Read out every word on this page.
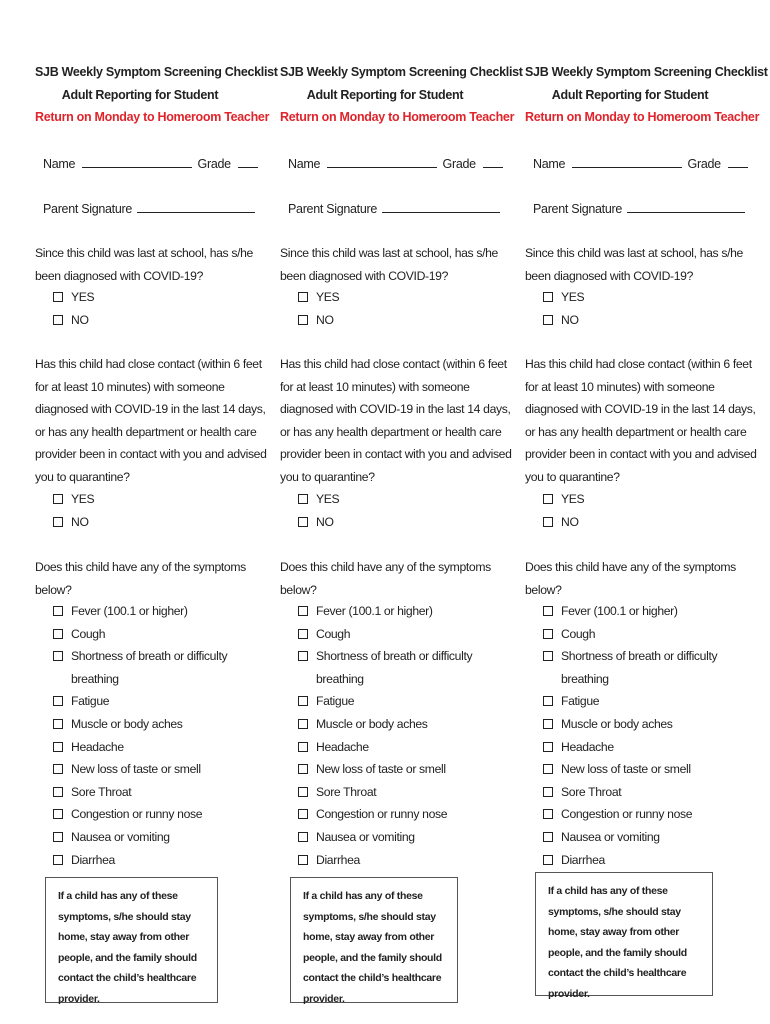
SJB Weekly Symptom Screening Checklist
Adult Reporting for Student
Return on Monday to Homeroom Teacher
Name	Grade
Parent Signature
Since this child was last at school, has s/he been diagnosed with COVID-19?
YES
NO
Has this child had close contact (within 6 feet for at least 10 minutes) with someone diagnosed with COVID-19 in the last 14 days, or has any health department or health care provider been in contact with you and advised you to quarantine?
YES
NO
Does this child have any of the symptoms below?
Fever (100.1 or higher)
Cough
Shortness of breath or difficulty breathing
Fatigue
Muscle or body aches
Headache
New loss of taste or smell
Sore Throat
Congestion or runny nose
Nausea or vomiting
Diarrhea
If a child has any of these symptoms, s/he should stay home, stay away from other people, and the family should contact the child’s healthcare provider.
SJB Weekly Symptom Screening Checklist
Adult Reporting for Student
Return on Monday to Homeroom Teacher
Name	Grade
Parent Signature
Since this child was last at school, has s/he been diagnosed with COVID-19?
YES
NO
Has this child had close contact (within 6 feet for at least 10 minutes) with someone diagnosed with COVID-19 in the last 14 days, or has any health department or health care provider been in contact with you and advised you to quarantine?
YES
NO
Does this child have any of the symptoms below?
Fever (100.1 or higher)
Cough
Shortness of breath or difficulty breathing
Fatigue
Muscle or body aches
Headache
New loss of taste or smell
Sore Throat
Congestion or runny nose
Nausea or vomiting
Diarrhea
If a child has any of these symptoms, s/he should stay home, stay away from other people, and the family should contact the child’s healthcare provider.
SJB Weekly Symptom Screening Checklist
Adult Reporting for Student
Return on Monday to Homeroom Teacher
Name	Grade
Parent Signature
Since this child was last at school, has s/he been diagnosed with COVID-19?
YES
NO
Has this child had close contact (within 6 feet for at least 10 minutes) with someone diagnosed with COVID-19 in the last 14 days, or has any health department or health care provider been in contact with you and advised you to quarantine?
YES
NO
Does this child have any of the symptoms below?
Fever (100.1 or higher)
Cough
Shortness of breath or difficulty breathing
Fatigue
Muscle or body aches
Headache
New loss of taste or smell
Sore Throat
Congestion or runny nose
Nausea or vomiting
Diarrhea
If a child has any of these symptoms, s/he should stay home, stay away from other people, and the family should contact the child’s healthcare provider.
